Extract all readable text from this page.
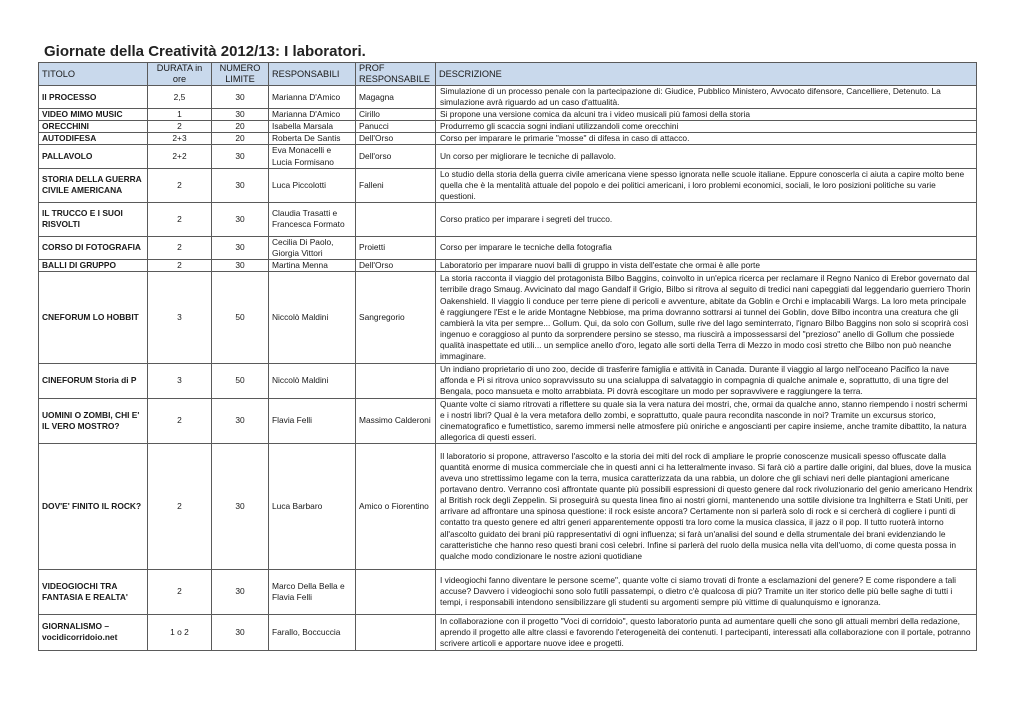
Giornate della Creatività 2012/13: I laboratori.
TITOLO	DURATA in ore	NUMERO LIMITE	RESPONSABILI	PROF RESPONSABILE	DESCRIZIONE
Il PROCESSO	2,5	30	Marianna D'Amico	Magagna	Simulazione di un processo penale con la partecipazione di: Giudice, Pubblico Ministero, Avvocato difensore, Cancelliere, Detenuto. La simulazione avrà riguardo ad un caso d'attualità.
VIDEO MIMO MUSIC	1	30	Marianna D'Amico	Cirillo	Si propone una versione comica da alcuni tra i video musicali più famosi della storia
ORECCHINI	2	20	Isabella Marsala	Panucci	Produrremo gli scaccia sogni indiani utilizzandoli come orecchini
AUTODIFESA	2+3	20	Roberta De Santis	Dell'Orso	Corso per imparare le primarie "mosse" di difesa in caso di attacco.
PALLAVOLO	2+2	30	Eva Monacelli e Lucia Formisano	Dell'orso	Un corso per migliorare le tecniche di pallavolo.
STORIA DELLA GUERRA CIVILE AMERICANA	2	30	Luca Piccolotti	Falleni	Lo studio della storia della guerra civile americana viene spesso ignorata nelle scuole italiane. Eppure conoscerla ci aiuta a capire molto bene quella che è la mentalità attuale del popolo e dei politici americani, i loro problemi economici, sociali, le loro posizioni politiche su varie questioni.
IL TRUCCO E I SUOI RISVOLTI	2	30	Claudia Trasatti e Francesca Formato		Corso pratico per imparare i segreti del trucco.
CORSO DI FOTOGRAFIA	2	30	Cecilia Di Paolo, Giorgia Vittori	Proietti	Corso per imparare le tecniche della fotografia
BALLI DI GRUPPO	2	30	Martina Menna	Dell'Orso	Laboratorio per imparare nuovi balli di gruppo in vista dell'estate che ormai è alle porte
CNEFORUM LO HOBBIT	3	50	Niccolò Maldini	Sangregorio	La storia racconta il viaggio del protagonista Bilbo Baggins, coinvolto in un'epica ricerca per reclamare il Regno Nanico di Erebor governato dal terribile drago Smaug. Avvicinato dal mago Gandalf il Grigio, Bilbo si ritrova al seguito di tredici nani capeggiati dal leggendario guerriero Thorin Oakenshield. Il viaggio li conduce per terre piene di pericoli e avventure, abitate da Goblin e Orchi e implacabili Wargs. La loro meta principale è raggiungere l'Est e le aride Montagne Nebbiose, ma prima dovranno sottrarsi ai tunnel dei Goblin, dove Bilbo incontra una creatura che gli cambierà la vita per sempre... Gollum. Qui, da solo con Gollum, sulle rive del lago seminterrato, l'ignaro Bilbo Baggins non solo si scoprirà così ingenuo e coraggioso al punto da sorprendere persino se stesso, ma riuscirà a impossessarsi del "prezioso" anello di Gollum che possiede qualità inaspettate ed utili... un semplice anello d'oro, legato alle sorti della Terra di Mezzo in modo così stretto che Bilbo non può neanche immaginare.
CINEFORUM Storia di P	3	50	Niccolò Maldini		Un indiano proprietario di uno zoo, decide di trasferire famiglia e attività in Canada. Durante il viaggio al largo nell'oceano Pacifico la nave affonda e Pi si ritrova unico sopravvissuto su una scialuppa di salvataggio in compagnia di qualche animale e, soprattutto, di una tigre del Bengala, poco mansueta e molto arrabbiata. Pi dovrà escogitare un modo per sopravvivere e raggiungere la terra.
UOMINI O ZOMBI, CHI E' IL VERO MOSTRO?	2	30	Flavia Felli	Massimo Calderoni	Quante volte ci siamo ritrovati a riflettere su quale sia la vera natura dei mostri, che, ormai da qualche anno, stanno riempendo i nostri schermi e i nostri libri? Qual è la vera metafora dello zombi, e soprattutto, quale paura recondita nasconde in noi? Tramite un excursus storico, cinematografico e fumettistico, saremo immersi nelle atmosfere più oniriche e angoscianti per capire insieme, anche tramite dibattito, la natura allegorica di questi esseri.
DOV'E' FINITO IL ROCK?	2	30	Luca Barbaro	Amico o Fiorentino	Il laboratorio si propone, attraverso l'ascolto e la storia dei miti del rock di ampliare le proprie conoscenze musicali spesso offuscate dalla quantità enorme di musica commerciale che in questi anni ci ha letteralmente invaso. Si farà ciò a partire dalle origini, dal blues, dove la musica aveva uno strettissimo legame con la terra, musica caratterizzata da una rabbia, un dolore che gli schiavi neri delle piantagioni americane portavano dentro. Verranno così affrontate quante più possibili espressioni di questo genere dal rock rivoluzionario del genio americano Hendrix al British rock degli Zeppelin. Si proseguirà su questa linea fino ai nostri giorni, mantenendo una sottile divisione tra Inghilterra e Stati Uniti, per arrivare ad affrontare una spinosa questione: il rock esiste ancora? Certamente non si parlerà solo di rock e si cercherà di cogliere i punti di contatto tra questo genere ed altri generi apparentemente opposti tra loro come la musica classica, il jazz o il pop. Il tutto ruoterà intorno all'ascolto guidato dei brani più rappresentativi di ogni influenza; si farà un'analisi del sound e della strumentale dei brani evidenziando le caratteristiche che hanno reso questi brani così celebri. Infine si parlerà del ruolo della musica nella vita dell'uomo, di come questa possa in qualche modo condizionare le nostre azioni quotidiane
VIDEOGIOCHI TRA FANTASIA E REALTA'	2	30	Marco Della Bella e Flavia Felli		I videogiochi fanno diventare le persone sceme", quante volte ci siamo trovati di fronte a esclamazioni del genere? E come rispondere a tali accuse? Davvero i videogiochi sono solo futili passatempi, o dietro c'è qualcosa di più? Tramite un iter storico delle più belle saghe di tutti i tempi, i responsabili intendono sensibilizzare gli studenti su argomenti sempre più vittime di qualunquismo e ignoranza.
GIORNALISMO – vocidicorridoio.net	1 o 2	30	Farallo, Boccuccia		In collaborazione con il progetto "Voci di corridoio", questo laboratorio punta ad aumentare quelli che sono gli attuali membri della redazione, aprendo il progetto alle altre classi e favorendo l'eterogeneità dei contenuti. I partecipanti, interessati alla collaborazione con il portale, potranno scrivere articoli e apportare nuove idee e progetti.
